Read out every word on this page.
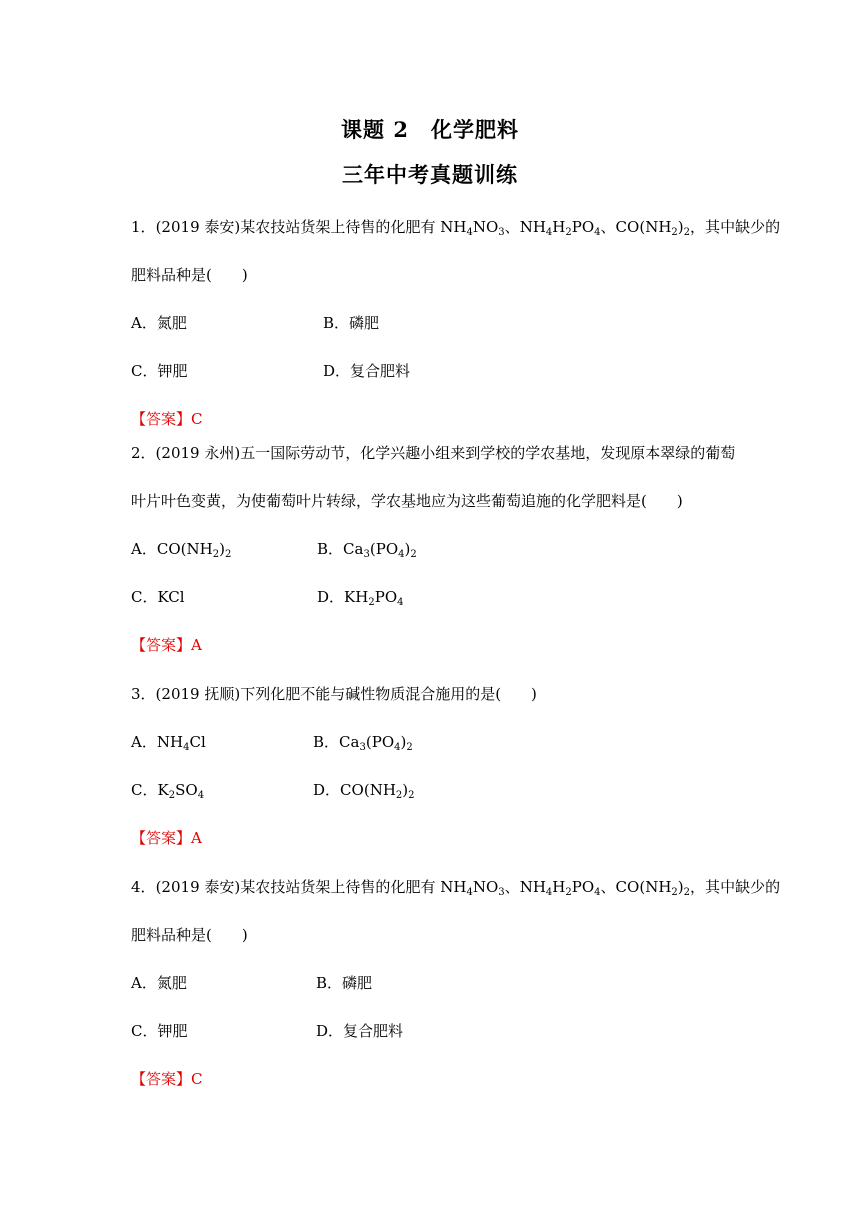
课题 2　化学肥料
三年中考真题训练
1．(2019 泰安)某农技站货架上待售的化肥有 $NH_4NO_3$、$NH_4H_2PO_4$、$CO(NH_2)_2$，其中缺少的
肥料品种是(　　)
A．氮肥	B．磷肥
C．钾肥	D．复合肥料
【答案】C
2．(2019 永州)五一国际劳动节，化学兴趣小组来到学校的学农基地，发现原本翠绿的葡萄
叶片叶色变黄，为使葡萄叶片转绿，学农基地应为这些葡萄追施的化学肥料是(　　)
A．$CO(NH_2)_2$	B．$Ca_3(PO_4)_2$
C．KCl	D．$KH_2PO_4$
【答案】A
3．(2019 抚顺)下列化肥不能与碱性物质混合施用的是(　　)
A．$NH_4Cl$	B．$Ca_3(PO_4)_2$
C．$K_2SO_4$	D．$CO(NH_2)_2$
【答案】A
4．(2019 泰安)某农技站货架上待售的化肥有 $NH_4NO_3$、$NH_4H_2PO_4$、$CO(NH_2)_2$，其中缺少的
肥料品种是(　　)
A．氮肥	B．磷肥
C．钾肥	D．复合肥料
【答案】C
